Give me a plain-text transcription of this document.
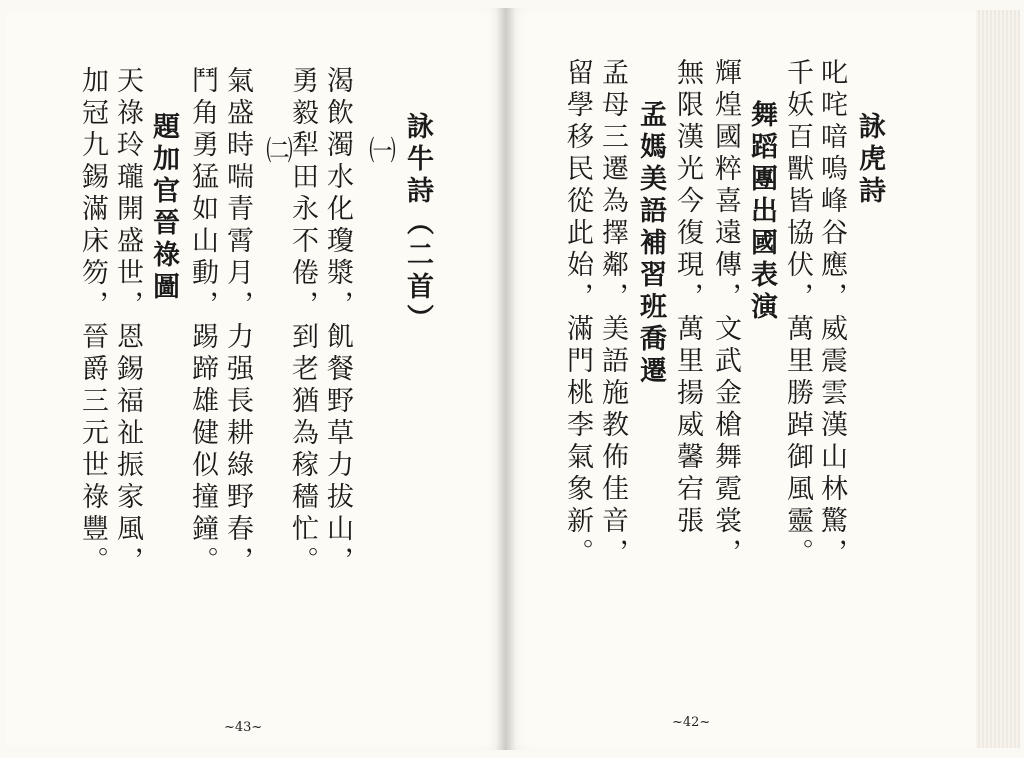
詠牛詩（二首）
㈠
渴飲濁水化瓊漿，飢餐野草力拔山，
勇毅犁田永不倦，到老猶為稼穡忙。
㈡
氣盛時喘青霄月，力强長耕綠野春，
鬥角勇猛如山動，踢蹄雄健似撞鐘。
題加官晉祿圖
天祿玲瓏開盛世，恩錫福祉振家風，
加冠九錫滿床笏，晉爵三元世祿豐。
~43~
詠虎詩
叱咤喑嗚峰谷應，威震雲漢山林驚，
千妖百獸皆協伏，萬里勝踔御風靈。
舞蹈團出國表演
輝煌國粹喜遠傳，文武金槍舞霓裳，
無限漢光今復現，萬里揚威馨宕張
孟媽美語補習班喬遷
孟母三遷為擇鄰，美語施教佈佳音，
留學移民從此始，滿門桃李氣象新。
~42~
